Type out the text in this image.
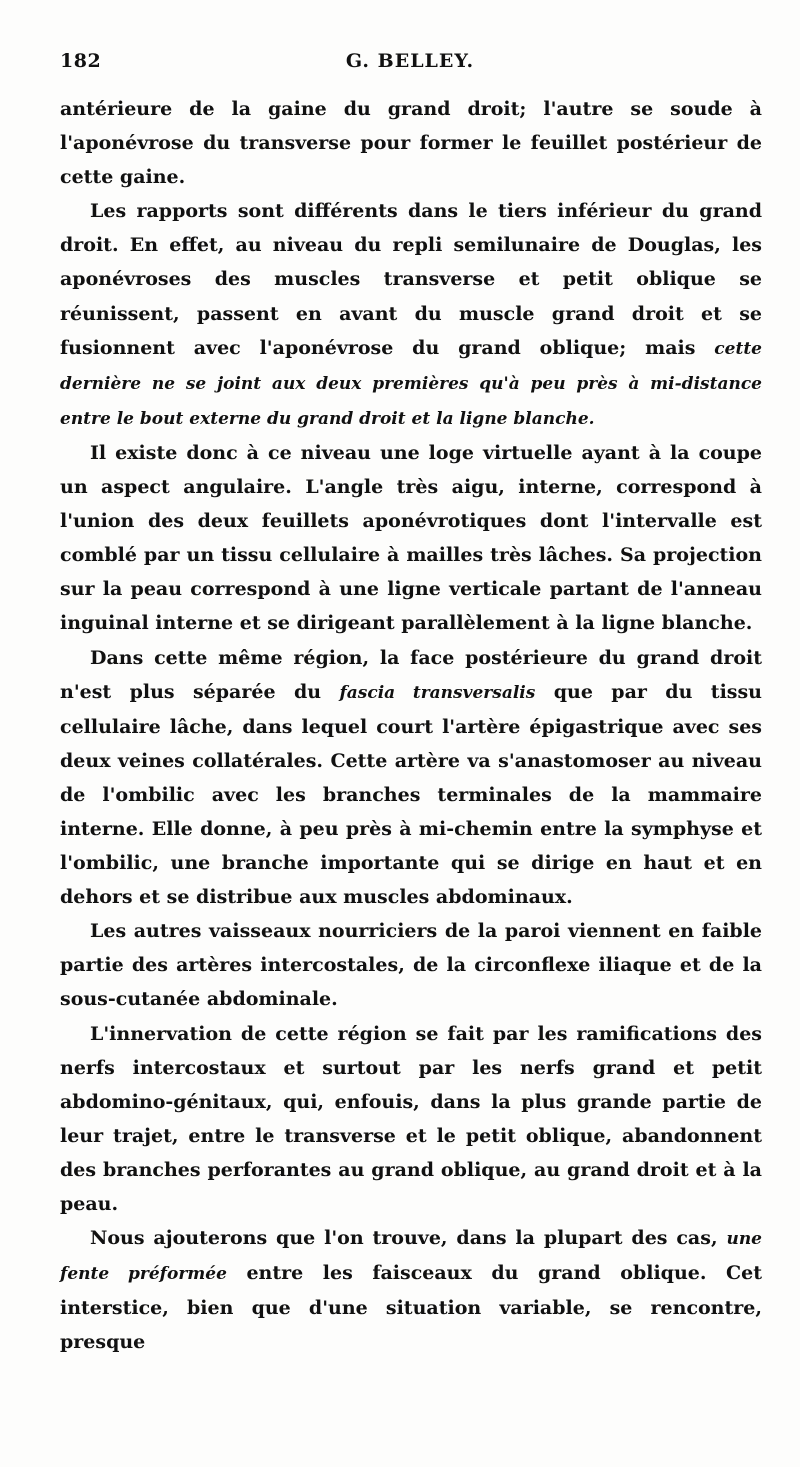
182	G. BELLEY.

antérieure de la gaine du grand droit; l'autre se soude à l'aponévrose du transverse pour former le feuillet postérieur de cette gaine.

Les rapports sont différents dans le tiers inférieur du grand droit. En effet, au niveau du repli semilunaire de Douglas, les aponévroses des muscles transverse et petit oblique se réunissent, passent en avant du muscle grand droit et se fusionnent avec l'aponévrose du grand oblique; mais cette dernière ne se joint aux deux premières qu'à peu près à mi-distance entre le bout externe du grand droit et la ligne blanche.

Il existe donc à ce niveau une loge virtuelle ayant à la coupe un aspect angulaire. L'angle très aigu, interne, correspond à l'union des deux feuillets aponévrotiques dont l'intervalle est comblé par un tissu cellulaire à mailles très lâches. Sa projection sur la peau correspond à une ligne verticale partant de l'anneau inguinal interne et se dirigeant parallèlement à la ligne blanche.

Dans cette même région, la face postérieure du grand droit n'est plus séparée du fascia transversalis que par du tissu cellulaire lâche, dans lequel court l'artère épigastrique avec ses deux veines collatérales. Cette artère va s'anastomoser au niveau de l'ombilic avec les branches terminales de la mammaire interne. Elle donne, à peu près à mi-chemin entre la symphyse et l'ombilic, une branche importante qui se dirige en haut et en dehors et se distribue aux muscles abdominaux.

Les autres vaisseaux nourriciers de la paroi viennent en faible partie des artères intercostales, de la circonflexe iliaque et de la sous-cutanée abdominale.

L'innervation de cette région se fait par les ramifications des nerfs intercostaux et surtout par les nerfs grand et petit abdomino-génitaux, qui, enfouis, dans la plus grande partie de leur trajet, entre le transverse et le petit oblique, abandonnent des branches perforantes au grand oblique, au grand droit et à la peau.

Nous ajouterons que l'on trouve, dans la plupart des cas, une fente préformée entre les faisceaux du grand oblique. Cet interstice, bien que d'une situation variable, se rencontre, presque
